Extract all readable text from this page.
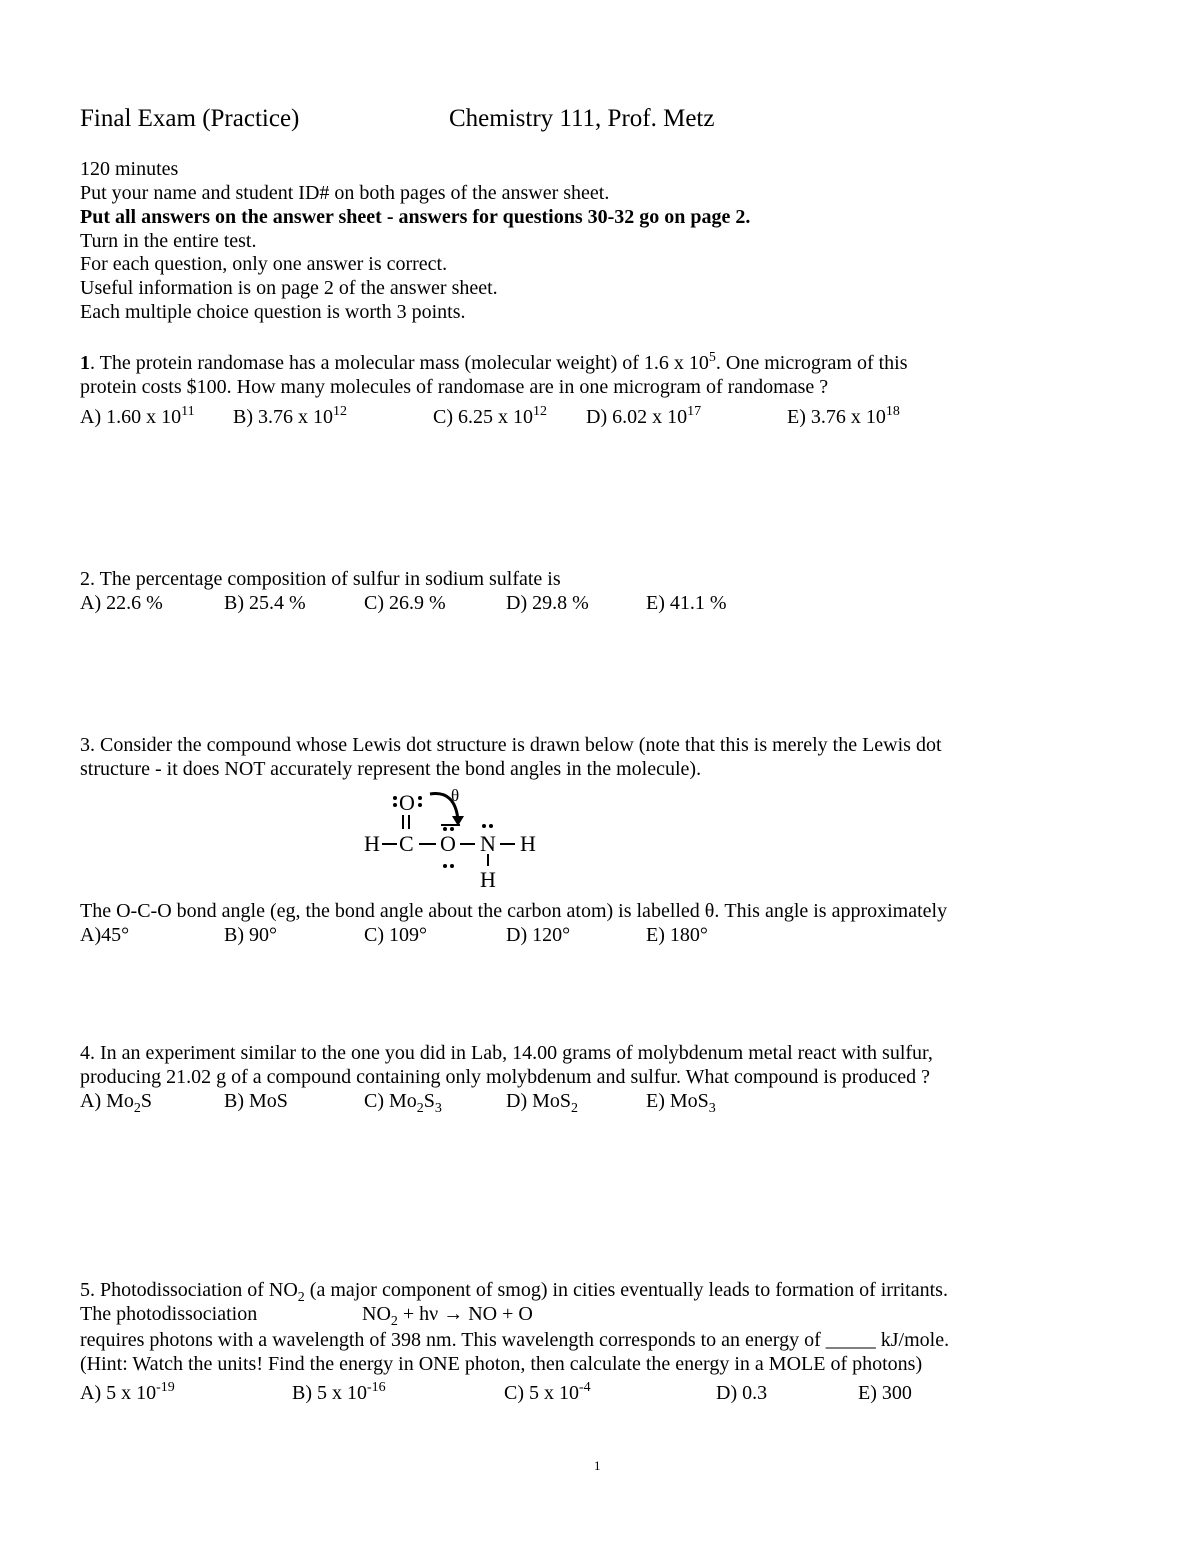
Final Exam (Practice)	Chemistry 111, Prof. Metz
120 minutes
Put your name and student ID# on both pages of the answer sheet.
Put all answers on the answer sheet - answers for questions 30-32 go on page 2.
Turn in the entire test.
For each question, only one answer is correct.
Useful information is on page 2 of the answer sheet.
Each multiple choice question is worth 3 points.
1. The protein randomase has a molecular mass (molecular weight) of 1.6 x $10^5$. One microgram of this
protein costs $100. How many molecules of randomase are in one microgram of randomase ?
A) 1.60 x $10^{11}$ B) 3.76 x $10^{12}$	C) 6.25 x $10^{12}$ D) 6.02 x $10^{17}$	E) 3.76 x $10^{18}$
2. The percentage composition of sulfur in sodium sulfate is
A) 22.6 %	B) 25.4 %	C) 26.9 %	D) 29.8 %	E) 41.1 %
3. Consider the compound whose Lewis dot structure is drawn below (note that this is merely the Lewis dot
structure - it does NOT accurately represent the bond angles in the molecule).
O θ
H C O N H
H
The O-C-O bond angle (eg, the bond angle about the carbon atom) is labelled θ. This angle is approximately
A)45°	B) 90°	C) 109°	D) 120°	E) 180°
4. In an experiment similar to the one you did in Lab, 14.00 grams of molybdenum metal react with sulfur,
producing 21.02 g of a compound containing only molybdenum and sulfur. What compound is produced ?
A) $Mo_2S$	B) MoS	C) $Mo_2S_3$	D) MoS$_2$	E) MoS$_3$
5. Photodissociation of $NO_2$ (a major component of smog) in cities eventually leads to formation of irritants.
The photodissociation	$NO_2 + h\nu$ → NO + O
requires photons with a wavelength of 398 nm. This wavelength corresponds to an energy of _____ kJ/mole.
(Hint: Watch the units! Find the energy in ONE photon, then calculate the energy in a MOLE of photons)
A) 5 x $10^{-19}$	B) 5 x $10^{-16}$	C) 5 x $10^{-4}$	D) 0.3	E) 300
1
